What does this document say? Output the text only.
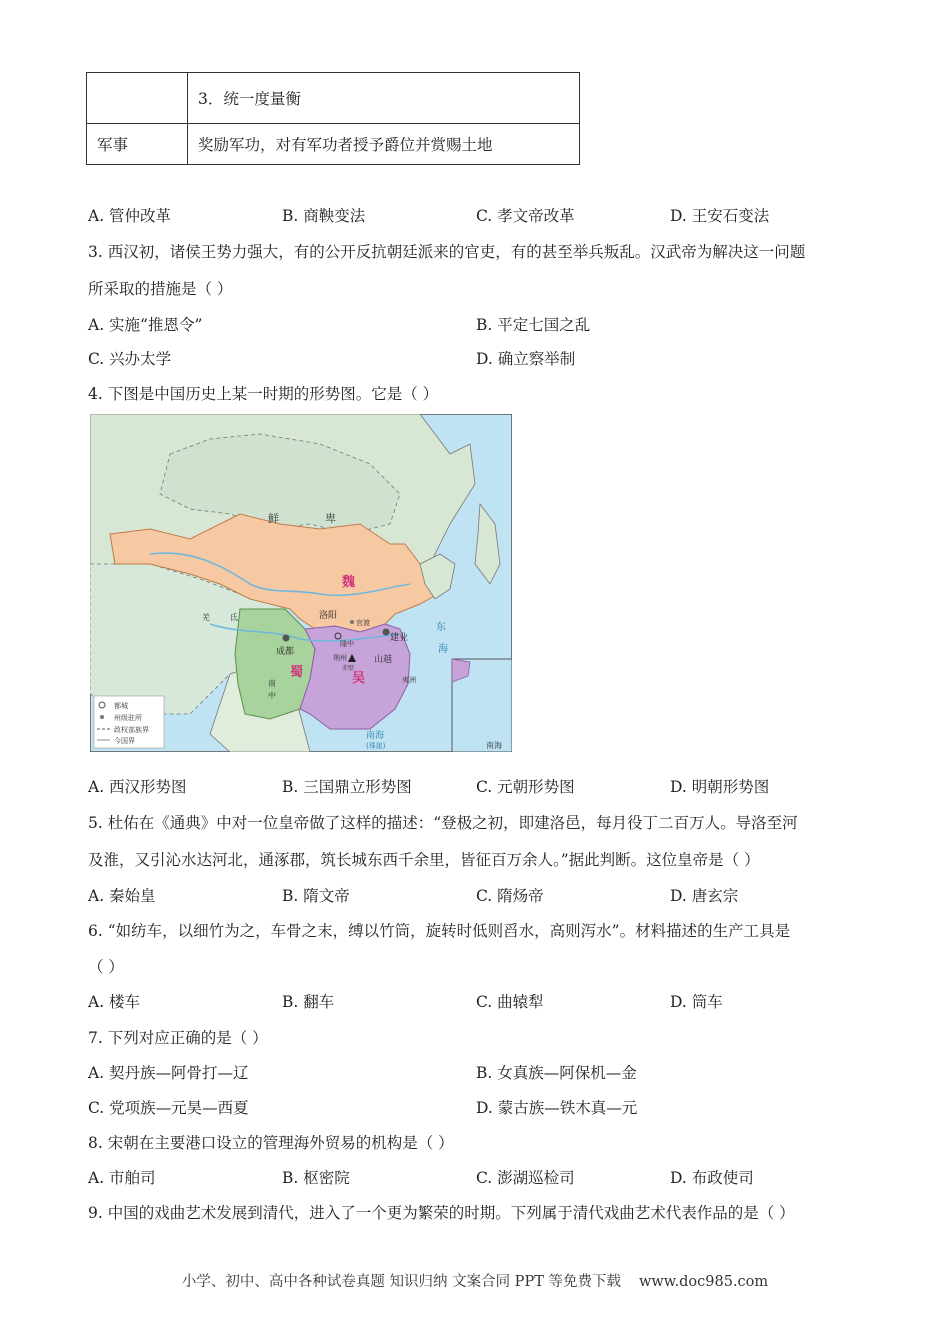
	3．统一度量衡
军事	奖励军功，对有军功者授予爵位并赏赐土地
A. 管仲改革	B. 商鞅变法	C. 孝文帝改革	D. 王安石变法
3. 西汉初，诸侯王势力强大，有的公开反抗朝廷派来的官吏，有的甚至举兵叛乱。汉武帝为解决这一问题
所采取的措施是（ ）
A. 实施“推恩令”	B. 平定七国之乱
C. 兴办太学	D. 确立察举制
4. 下图是中国历史上某一时期的形势图。它是（ ）
都城
州级驻所
政权部族界
今国界
鲜	卑
魏
蜀	吴
洛阳
成都
建业
官渡
隆中
荆州
赤壁
山越
南
中
羌	氐
夷洲
东
海
南海
(珠崖)	南海
A. 西汉形势图	B. 三国鼎立形势图	C. 元朝形势图	D. 明朝形势图
5. 杜佑在《通典》中对一位皇帝做了这样的描述：“登极之初，即建洛邑，每月役丁二百万人。导洛至河
及淮，又引沁水达河北，通涿郡，筑长城东西千余里，皆征百万余人。”据此判断。这位皇帝是（ ）
A. 秦始皇	B. 隋文帝	C. 隋炀帝	D. 唐玄宗
6. “如纺车，以细竹为之，车骨之末，缚以竹筒，旋转时低则舀水，高则泻水”。材料描述的生产工具是
（ ）
A. 楼车	B. 翻车	C. 曲辕犁	D. 筒车
7. 下列对应正确的是（ ）
A. 契丹族—阿骨打—辽	B. 女真族—阿保机—金
C. 党项族—元昊—西夏	D. 蒙古族—铁木真—元
8. 宋朝在主要港口设立的管理海外贸易的机构是（ ）
A. 市舶司	B. 枢密院	C. 澎湖巡检司	D. 布政使司
9. 中国的戏曲艺术发展到清代，进入了一个更为繁荣的时期。下列属于清代戏曲艺术代表作品的是（ ）
小学、初中、高中各种试卷真题 知识归纳 文案合同 PPT 等免费下载 www.doc985.com
